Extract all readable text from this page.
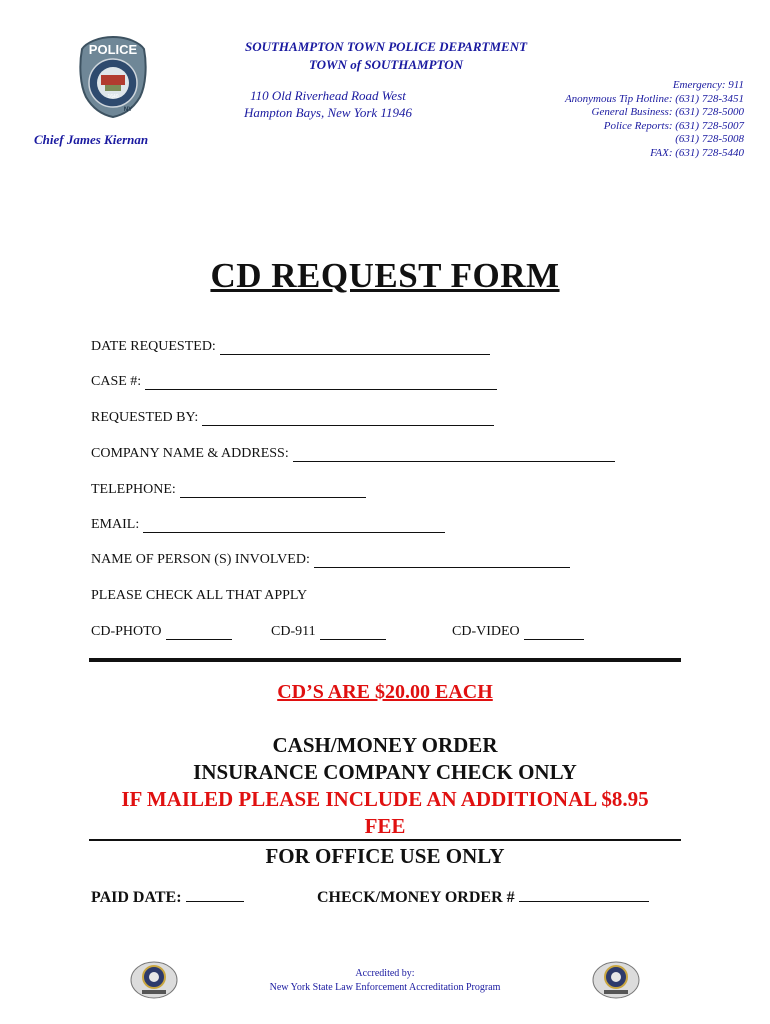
POLICE
1640
NY
SOUTHAMPTON TOWN POLICE DEPARTMENT
TOWN of SOUTHAMPTON
110 Old Riverhead Road West
Hampton Bays, New York 11946
Chief James Kiernan
Emergency: 911
Anonymous Tip Hotline: (631) 728-3451
General Business: (631) 728-5000
Police Reports: (631) 728-5007
(631) 728-5008
FAX: (631) 728-5440
CD REQUEST FORM
DATE REQUESTED:
CASE #:
REQUESTED BY:
COMPANY NAME & ADDRESS:
TELEPHONE:
EMAIL:
NAME OF PERSON (S) INVOLVED:
PLEASE CHECK ALL THAT APPLY
CD-PHOTO	CD-911	CD-VIDEO
CD’S ARE $20.00 EACH
CASH/MONEY ORDER
INSURANCE COMPANY CHECK ONLY
IF MAILED PLEASE INCLUDE AN ADDITIONAL $8.95
FEE
FOR OFFICE USE ONLY
PAID DATE:	CHECK/MONEY ORDER #
Accredited by:
New York State Law Enforcement Accreditation Program
